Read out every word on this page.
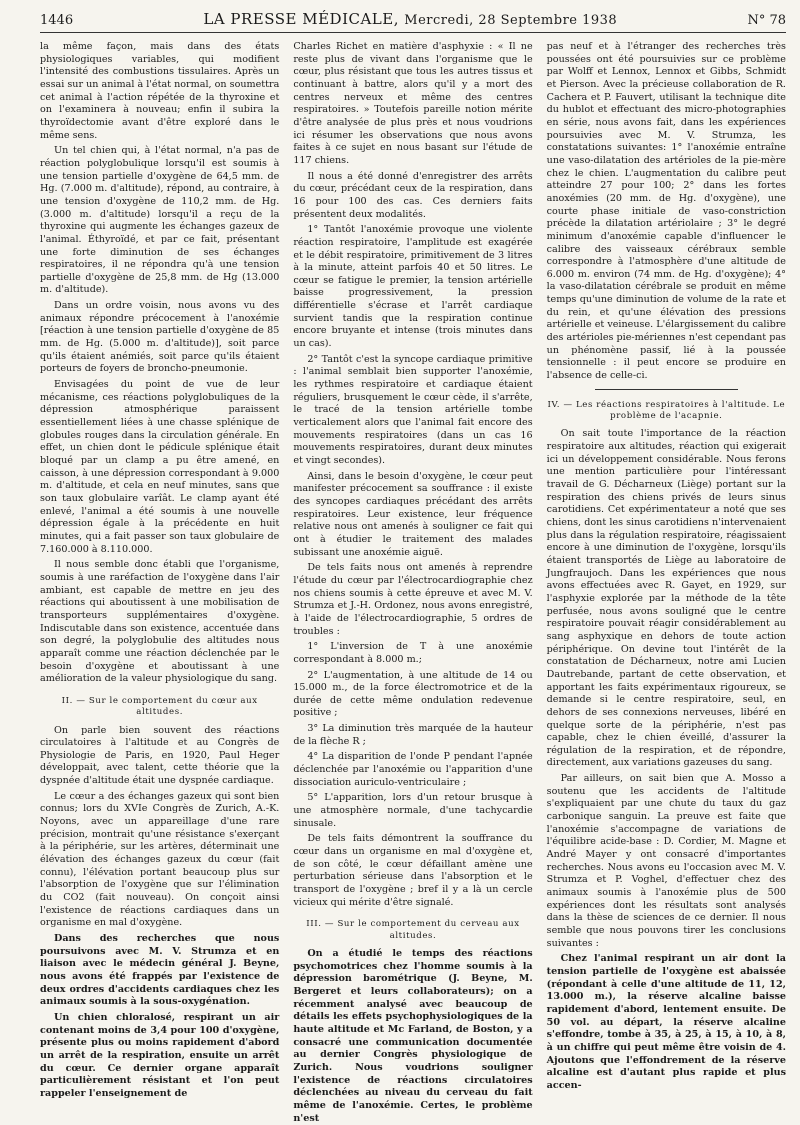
1446	LA PRESSE MÉDICALE, Mercredi, 28 Septembre 1938	N° 78

la même façon, mais dans des états physiologiques variables, qui modifient l'intensité des combustions tissulaires. Après un essai sur un animal à l'état normal, on soumettra cet animal à l'action répétée de la thyroxine et on l'examinera à nouveau; enfin il subira la thyroïdectomie avant d'être exploré dans le même sens.

Un tel chien qui, à l'état normal, n'a pas de réaction polyglobulique lorsqu'il est soumis à une tension partielle d'oxygène de 64,5 mm. de Hg. (7.000 m. d'altitude), répond, au contraire, à une tension d'oxygène de 110,2 mm. de Hg. (3.000 m. d'altitude) lorsqu'il a reçu de la thyroxine qui augmente les échanges gazeux de l'animal. Éthyroïdé, et par ce fait, présentant une forte diminution de ses échanges respiratoires, il ne répondra qu'à une tension partielle d'oxygène de 25,8 mm. de Hg (13.000 m. d'altitude).

Dans un ordre voisin, nous avons vu des animaux répondre précocement à l'anoxémie [réaction à une tension partielle d'oxygène de 85 mm. de Hg. (5.000 m. d'altitude)], soit parce qu'ils étaient anémiés, soit parce qu'ils étaient porteurs de foyers de broncho-pneumonie.

Envisagées du point de vue de leur mécanisme, ces réactions polyglobuliques de la dépression atmosphérique paraissent essentiellement liées à une chasse splénique de globules rouges dans la circulation générale. En effet, un chien dont le pédicule splénique était bloqué par un clamp a pu être amené, en caisson, à une dépression correspondant à 9.000 m. d'altitude, et cela en neuf minutes, sans que son taux globulaire varîât. Le clamp ayant été enlevé, l'animal a été soumis à une nouvelle dépression égale à la précédente en huit minutes, qui a fait passer son taux globulaire de 7.160.000 à 8.110.000.

Il nous semble donc établi que l'organisme, soumis à une raréfaction de l'oxygène dans l'air ambiant, est capable de mettre en jeu des réactions qui aboutissent à une mobilisation de transporteurs supplémentaires d'oxygène. Indiscutable dans son existence, accentuée dans son degré, la polyglobulie des altitudes nous apparaît comme une réaction déclenchée par le besoin d'oxygène et aboutissant à une amélioration de la valeur physiologique du sang.

II. — Sur le comportement du cœur aux altitudes.

On parle bien souvent des réactions circulatoires à l'altitude et au Congrès de Physiologie de Paris, en 1920, Paul Heger développait, avec talent, cette théorie que la dyspnée d'altitude était une dyspnée cardiaque.

Le cœur a des échanges gazeux qui sont bien connus; lors du XVIe Congrès de Zurich, A.-K. Noyons, avec un appareillage d'une rare précision, montrait qu'une résistance s'exerçant à la périphérie, sur les artères, déterminait une élévation des échanges gazeux du cœur (fait connu), l'élévation portant beaucoup plus sur l'absorption de l'oxygène que sur l'élimination du CO2 (fait nouveau). On conçoit ainsi l'existence de réactions cardiaques dans un organisme en mal d'oxygène.

Dans des recherches que nous poursuivons avec M. V. Strumza et en liaison avec le médecin général J. Beyne, nous avons été frappés par l'existence de deux ordres d'accidents cardiaques chez les animaux soumis à la sous-oxygénation.

Un chien chloralosé, respirant un air contenant moins de 3,4 pour 100 d'oxygène, présente plus ou moins rapidement d'abord un arrêt de la respiration, ensuite un arrêt du cœur. Ce dernier organe apparaît particulièrement résistant et l'on peut rappeler l'enseignement de

Charles Richet en matière d'asphyxie : « Il ne reste plus de vivant dans l'organisme que le cœur, plus résistant que tous les autres tissus et continuant à battre, alors qu'il y a mort des centres nerveux et même des centres respiratoires. » Toutefois pareille notion mérite d'être analysée de plus près et nous voudrions ici résumer les observations que nous avons faites à ce sujet en nous basant sur l'étude de 117 chiens.

Il nous a été donné d'enregistrer des arrêts du cœur, précédant ceux de la respiration, dans 16 pour 100 des cas. Ces derniers faits présentent deux modalités.

1° Tantôt l'anoxémie provoque une violente réaction respiratoire, l'amplitude est exagérée et le débit respiratoire, primitivement de 3 litres à la minute, atteint parfois 40 et 50 litres. Le cœur se fatigue le premier, la tension artérielle baisse progressivement, la pression différentielle s'écrase et l'arrêt cardiaque survient tandis que la respiration continue encore bruyante et intense (trois minutes dans un cas).

2° Tantôt c'est la syncope cardiaque primitive : l'animal semblait bien supporter l'anoxémie, les rythmes respiratoire et cardiaque étaient réguliers, brusquement le cœur cède, il s'arrête, le tracé de la tension artérielle tombe verticalement alors que l'animal fait encore des mouvements respiratoires (dans un cas 16 mouvements respiratoires, durant deux minutes et vingt secondes).

Ainsi, dans le besoin d'oxygène, le cœur peut manifester précocement sa souffrance : il existe des syncopes cardiaques précédant des arrêts respiratoires. Leur existence, leur fréquence relative nous ont amenés à souligner ce fait qui ont à étudier le traitement des malades subissant une anoxémie aiguë.

De tels faits nous ont amenés à reprendre l'étude du cœur par l'électrocardiographie chez nos chiens soumis à cette épreuve et avec M. V. Strumza et J.-H. Ordonez, nous avons enregistré, à l'aide de l'électrocardiographie, 5 ordres de troubles :

1° L'inversion de T à une anoxémie correspondant à 8.000 m.;

2° L'augmentation, à une altitude de 14 ou 15.000 m., de la force électromotrice et de la durée de cette même ondulation redevenue positive ;

3° La diminution très marquée de la hauteur de la flèche R ;

4° La disparition de l'onde P pendant l'apnée déclenchée par l'anoxémie ou l'apparition d'une dissociation auriculo-ventriculaire ;

5° L'apparition, lors d'un retour brusque à une atmosphère normale, d'une tachycardie sinusale.

De tels faits démontrent la souffrance du cœur dans un organisme en mal d'oxygène et, de son côté, le cœur défaillant amène une perturbation sérieuse dans l'absorption et le transport de l'oxygène ; bref il y a là un cercle vicieux qui mérite d'être signalé.

III. — Sur le comportement du cerveau aux altitudes.

On a étudié le temps des réactions psychomotrices chez l'homme soumis à la dépression barométrique (J. Beyne, M. Bergeret et leurs collaborateurs); on a récemment analysé avec beaucoup de détails les effets psychophysiologiques de la haute altitude et Mc Farland, de Boston, y a consacré une communication documentée au dernier Congrès physiologique de Zurich. Nous voudrions souligner l'existence de réactions circulatoires déclenchées au niveau du cerveau du fait même de l'anoxémie. Certes, le problème n'est

pas neuf et à l'étranger des recherches très poussées ont été poursuivies sur ce problème par Wolff et Lennox, Lennox et Gibbs, Schmidt et Pierson. Avec la précieuse collaboration de R. Cachera et P. Fauvert, utilisant la technique dite du hublot et effectuant des micro-photographies en série, nous avons fait, dans les expériences poursuivies avec M. V. Strumza, les constatations suivantes: 1° l'anoxémie entraîne une vaso-dilatation des artérioles de la pie-mère chez le chien. L'augmentation du calibre peut atteindre 27 pour 100; 2° dans les fortes anoxémies (20 mm. de Hg. d'oxygène), une courte phase initiale de vaso-constriction précède la dilatation artériolaire ; 3° le degré minimum d'anoxémie capable d'influencer le calibre des vaisseaux cérébraux semble correspondre à l'atmosphère d'une altitude de 6.000 m. environ (74 mm. de Hg. d'oxygène); 4° la vaso-dilatation cérébrale se produit en même temps qu'une diminution de volume de la rate et du rein, et qu'une élévation des pressions artérielle et veineuse. L'élargissement du calibre des artérioles pie-mériennes n'est cependant pas un phénomène passif, lié à la poussée tensionnelle : il peut encore se produire en l'absence de celle-ci.

IV. — Les réactions respiratoires à l'altitude. Le problème de l'acapnie.

On sait toute l'importance de la réaction respiratoire aux altitudes, réaction qui exigerait ici un développement considérable. Nous ferons une mention particulière pour l'intéressant travail de G. Décharneux (Liège) portant sur la respiration des chiens privés de leurs sinus carotidiens. Cet expérimentateur a noté que ses chiens, dont les sinus carotidiens n'intervenaient plus dans la régulation respiratoire, réagissaient encore à une diminution de l'oxygène, lorsqu'ils étaient transportés de Liège au laboratoire de Jungfraujoch. Dans les expériences que nous avons effectuées avec R. Gayet, en 1929, sur l'asphyxie explorée par la méthode de la tête perfusée, nous avons souligné que le centre respiratoire pouvait réagir considérablement au sang asphyxique en dehors de toute action périphérique. On devine tout l'intérêt de la constatation de Décharneux, notre ami Lucien Dautrebande, partant de cette observation, et apportant les faits expérimentaux rigoureux, se demande si le centre respiratoire, seul, en dehors de ses connexions nerveuses, libéré en quelque sorte de la périphérie, n'est pas capable, chez le chien éveillé, d'assurer la régulation de la respiration, et de répondre, directement, aux variations gazeuses du sang.

Par ailleurs, on sait bien que A. Mosso a soutenu que les accidents de l'altitude s'expliquaient par une chute du taux du gaz carbonique sanguin. La preuve est faite que l'anoxémie s'accompagne de variations de l'équilibre acide-base : D. Cordier, M. Magne et André Mayer y ont consacré d'importantes recherches. Nous avons eu l'occasion avec M. V. Strumza et P. Voghel, d'effectuer chez des animaux soumis à l'anoxémie plus de 500 expériences dont les résultats sont analysés dans la thèse de sciences de ce dernier. Il nous semble que nous pouvons tirer les conclusions suivantes :

Chez l'animal respirant un air dont la tension partielle de l'oxygène est abaissée (répondant à celle d'une altitude de 11, 12, 13.000 m.), la réserve alcaline baisse rapidement d'abord, lentement ensuite. De 50 vol. au départ, la réserve alcaline s'effondre, tombe à 35, à 25, à 15, à 10, à 8, à un chiffre qui peut même être voisin de 4. Ajoutons que l'effondrement de la réserve alcaline est d'autant plus rapide et plus accen-
